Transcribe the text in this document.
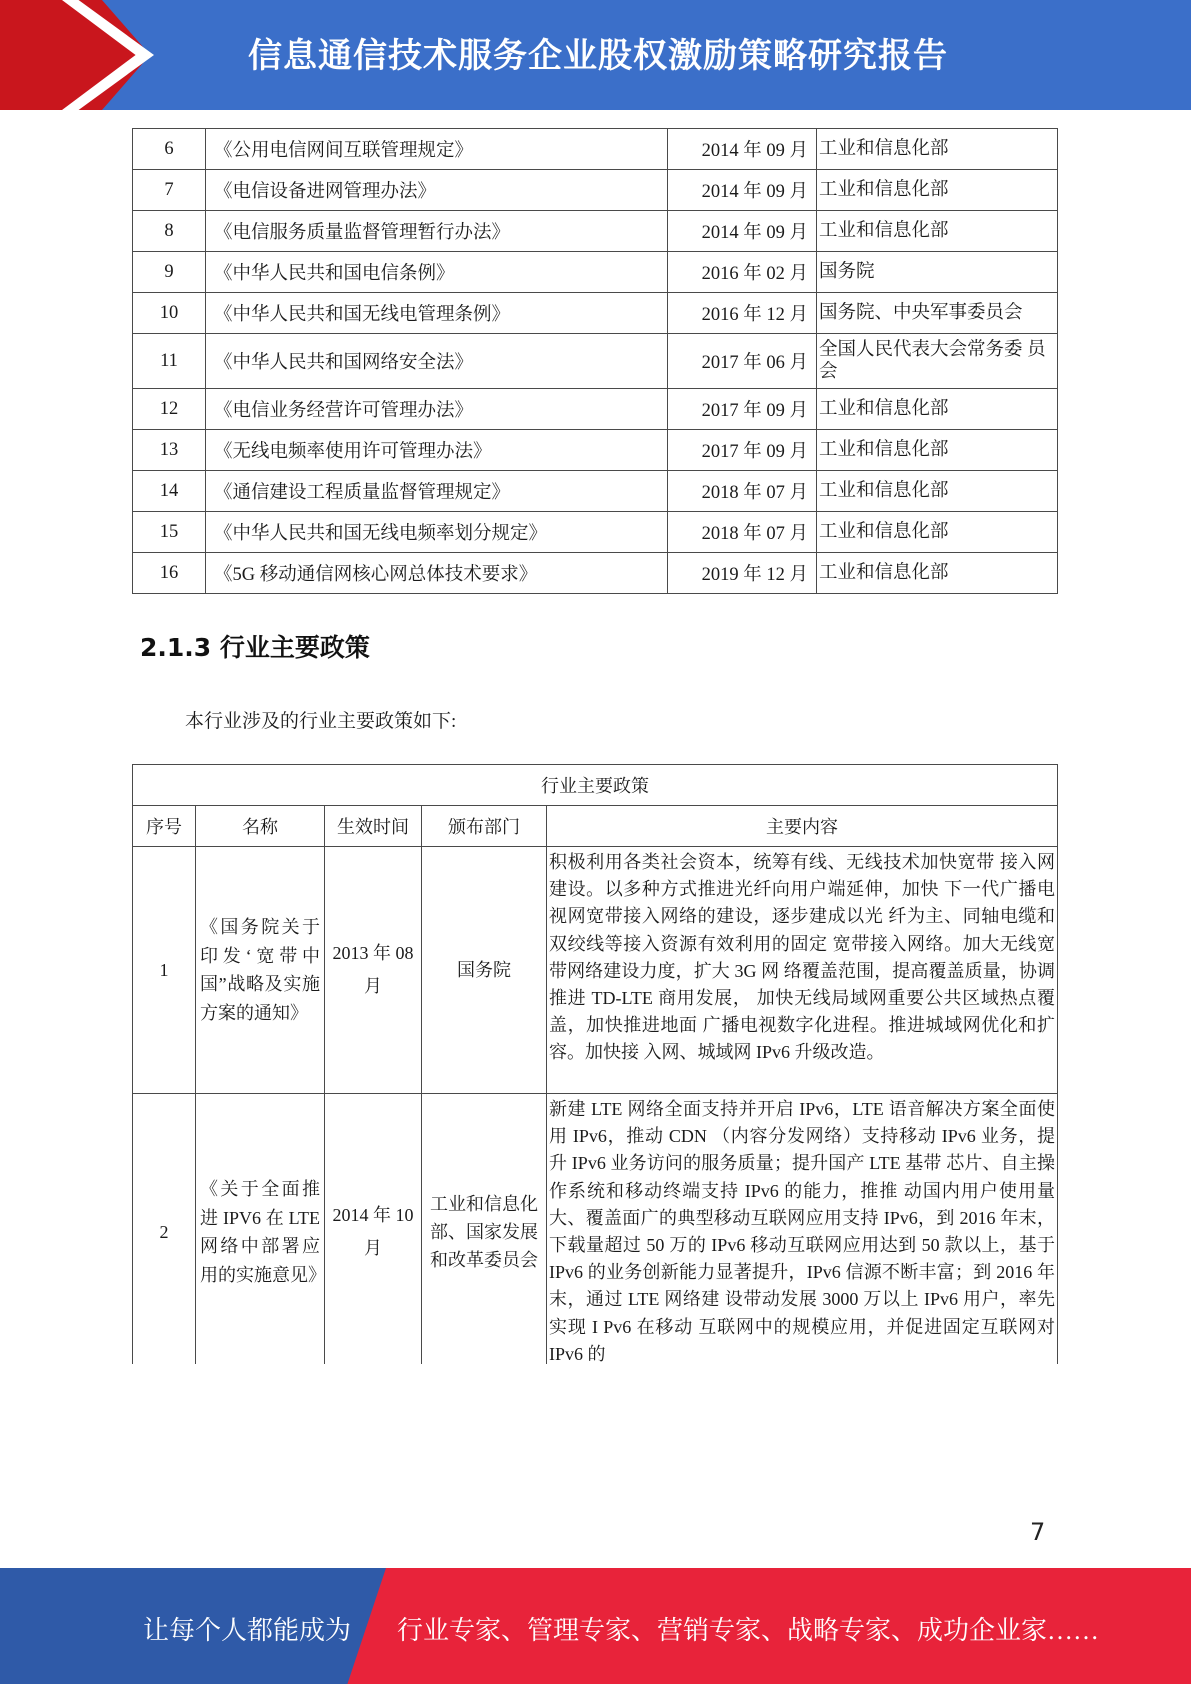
信息通信技术服务企业股权激励策略研究报告
6	《公用电信网间互联管理规定》	2014 年 09 月	工业和信息化部
7	《电信设备进网管理办法》	2014 年 09 月	工业和信息化部
8	《电信服务质量监督管理暂行办法》	2014 年 09 月	工业和信息化部
9	《中华人民共和国电信条例》	2016 年 02 月	国务院
10	《中华人民共和国无线电管理条例》	2016 年 12 月	国务院、中央军事委员会
11	《中华人民共和国网络安全法》	2017 年 06 月	全国人民代表大会常务委 员会
12	《电信业务经营许可管理办法》	2017 年 09 月	工业和信息化部
13	《无线电频率使用许可管理办法》	2017 年 09 月	工业和信息化部
14	《通信建设工程质量监督管理规定》	2018 年 07 月	工业和信息化部
15	《中华人民共和国无线电频率划分规定》	2018 年 07 月	工业和信息化部
16	《5G 移动通信网核心网总体技术要求》	2019 年 12 月	工业和信息化部
2.1.3 行业主要政策
本行业涉及的行业主要政策如下:
行业主要政策				
序号	名称	生效时间	颁布部门	主要内容
1	《国务院关于印发‘宽带中国”战略及实施方案的通知》	2013 年 08 月	国务院	积极利用各类社会资本，统筹有线、无线技术加快宽带 接入网建设。以多种方式推进光纤向用户端延伸，加快 下一代广播电视网宽带接入网络的建设，逐步建成以光 纤为主、同轴电缆和双绞线等接入资源有效利用的固定 宽带接入网络。加大无线宽带网络建设力度，扩大 3G 网 络覆盖范围，提高覆盖质量，协调推进 TD-LTE 商用发展， 加快无线局域网重要公共区域热点覆盖，加快推进地面 广播电视数字化进程。推进城域网优化和扩容。加快接 入网、城域网 IPv6 升级改造。
2	《关于全面推进 IPV6 在 LTE 网络中部署应用的实施意见》	2014 年 10 月	工业和信息化部、国家发展和改革委员会	新建 LTE 网络全面支持并开启 IPv6，LTE 语音解决方案全面使用 IPv6，推动 CDN （内容分发网络）支持移动 IPv6 业务，提升 IPv6 业务访问的服务质量；提升国产 LTE 基带 芯片、自主操作系统和移动终端支持 IPv6 的能力，推推 动国内用户使用量大、覆盖面广的典型移动互联网应用支持 IPv6，到 2016 年末，下载量超过 50 万的 IPv6 移动互联网应用达到 50 款以上，基于 IPv6 的业务创新能力显著提升，IPv6 信源不断丰富；到 2016 年末，通过 LTE 网络建 设带动发展 3000 万以上 IPv6 用户，率先实现 I Pv6 在移动 互联网中的规模应用，并促进固定互联网对 IPv6 的
7
让每个人都能成为 行业专家、管理专家、营销专家、战略专家、成功企业家……
